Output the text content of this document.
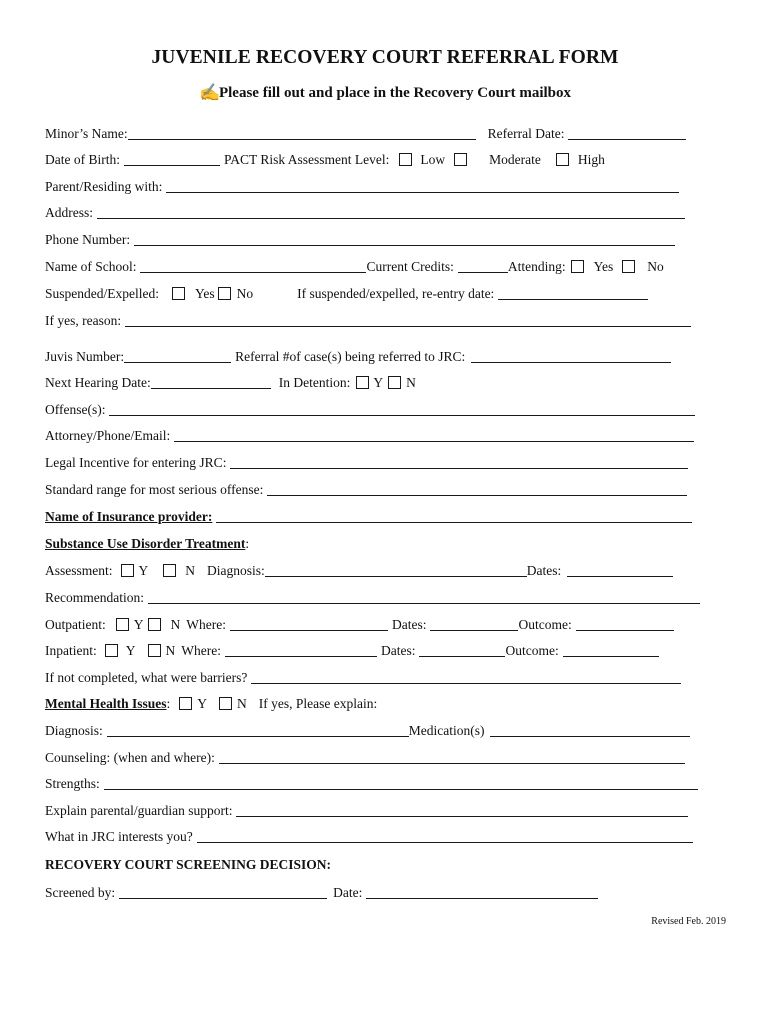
JUVENILE RECOVERY COURT REFERRAL FORM
✍Please fill out and place in the Recovery Court mailbox
Minor’s Name:	Referral Date:
Date of Birth:	PACT Risk Assessment Level: Low	Moderate	High
Parent/Residing with:
Address:
Phone Number:
Name of School:	Current Credits:	Attending: Yes	No
Suspended/Expelled:	Yes No	If suspended/expelled, re-entry date:
If yes, reason:
Juvis Number:	Referral #of case(s) being referred to JRC:
Next Hearing Date:	In Detention: Y N
Offense(s):
Attorney/Phone/Email:
Legal Incentive for entering JRC:
Standard range for most serious offense:
Name of Insurance provider:
Substance Use Disorder Treatment :
Assessment: Y	N Diagnosis:	Dates:
Recommendation:
Outpatient: Y N Where:	Dates:	Outcome:
Inpatient: Y N Where:	Dates:	Outcome:
If not completed, what were barriers?
Mental Health Issues : Y N If yes, Please explain:
Diagnosis:	Medication(s)
Counseling: (when and where):
Strengths:
Explain parental/guardian support:
What in JRC interests you?
RECOVERY COURT SCREENING DECISION:
Screened by:	Date:
Revised Feb. 2019
